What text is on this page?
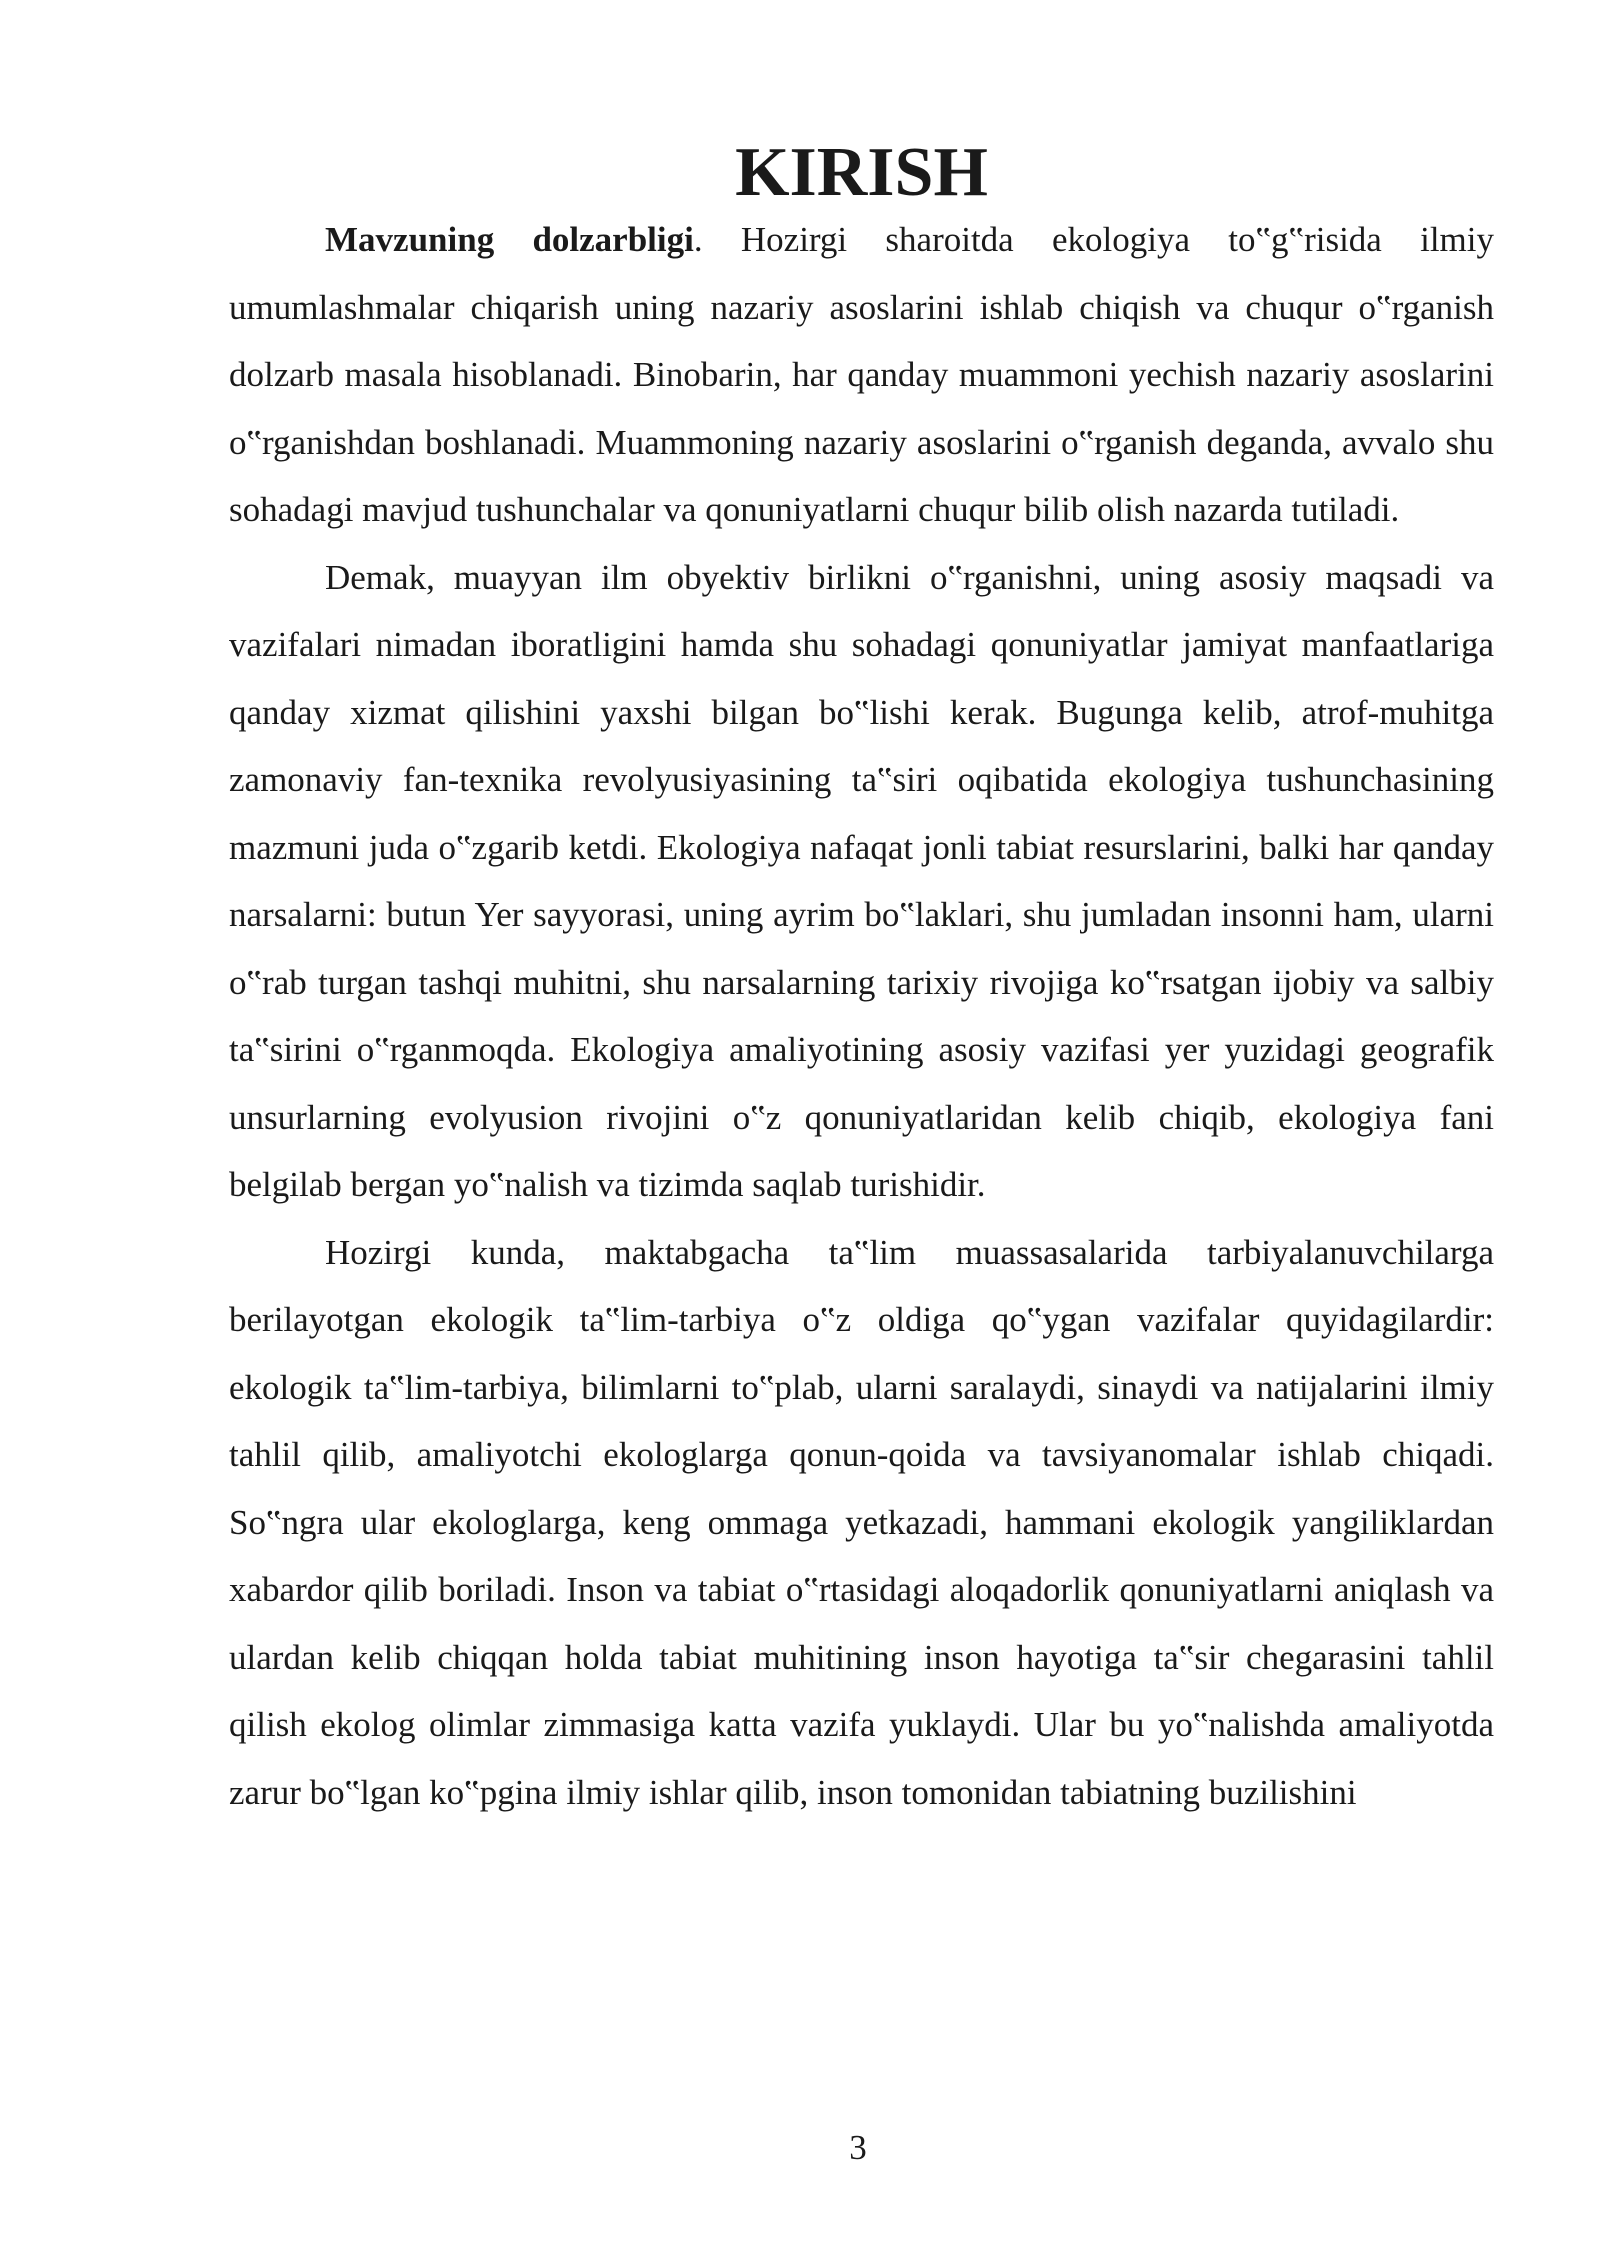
KIRISH

Mavzuning dolzarbligi. Hozirgi sharoitda ekologiya to‟g‟risida ilmiy umumlashmalar chiqarish uning nazariy asoslarini ishlab chiqish va chuqur o‟rganish dolzarb masala hisoblanadi. Binobarin, har qanday muammoni yechish nazariy asoslarini o‟rganishdan boshlanadi. Muammoning nazariy asoslarini o‟rganish deganda, avvalo shu sohadagi mavjud tushunchalar va qonuniyatlarni chuqur bilib olish nazarda tutiladi.

Demak, muayyan ilm obyektiv birlikni o‟rganishni, uning asosiy maqsadi va vazifalari nimadan iboratligini hamda shu sohadagi qonuniyatlar jamiyat manfaatlariga qanday xizmat qilishini yaxshi bilgan bo‟lishi kerak. Bugunga kelib, atrof-muhitga zamonaviy fan-texnika revolyusiyasining ta‟siri oqibatida ekologiya tushunchasining mazmuni juda o‟zgarib ketdi. Ekologiya nafaqat jonli tabiat resurslarini, balki har qanday narsalarni: butun Yer sayyorasi, uning ayrim bo‟laklari, shu jumladan insonni ham, ularni o‟rab turgan tashqi muhitni, shu narsalarning tarixiy rivojiga ko‟rsatgan ijobiy va salbiy ta‟sirini o‟rganmoqda. Ekologiya amaliyotining asosiy vazifasi yer yuzidagi geografik unsurlarning evolyusion rivojini o‟z qonuniyatlaridan kelib chiqib, ekologiya fani belgilab bergan yo‟nalish va tizimda saqlab turishidir.

Hozirgi kunda, maktabgacha ta‟lim muassasalarida tarbiyalanuvchilarga berilayotgan ekologik ta‟lim-tarbiya o‟z oldiga qo‟ygan vazifalar quyidagilardir: ekologik ta‟lim-tarbiya, bilimlarni to‟plab, ularni saralaydi, sinaydi va natijalarini ilmiy tahlil qilib, amaliyotchi ekologlarga qonun-qoida va tavsiyanomalar ishlab chiqadi. So‟ngra ular ekologlarga, keng ommaga yetkazadi, hammani ekologik yangiliklardan xabardor qilib boriladi. Inson va tabiat o‟rtasidagi aloqadorlik qonuniyatlarni aniqlash va ulardan kelib chiqqan holda tabiat muhitining inson hayotiga ta‟sir chegarasini tahlil qilish ekolog olimlar zimmasiga katta vazifa yuklaydi. Ular bu yo‟nalishda amaliyotda zarur bo‟lgan ko‟pgina ilmiy ishlar qilib, inson tomonidan tabiatning buzilishini

3
